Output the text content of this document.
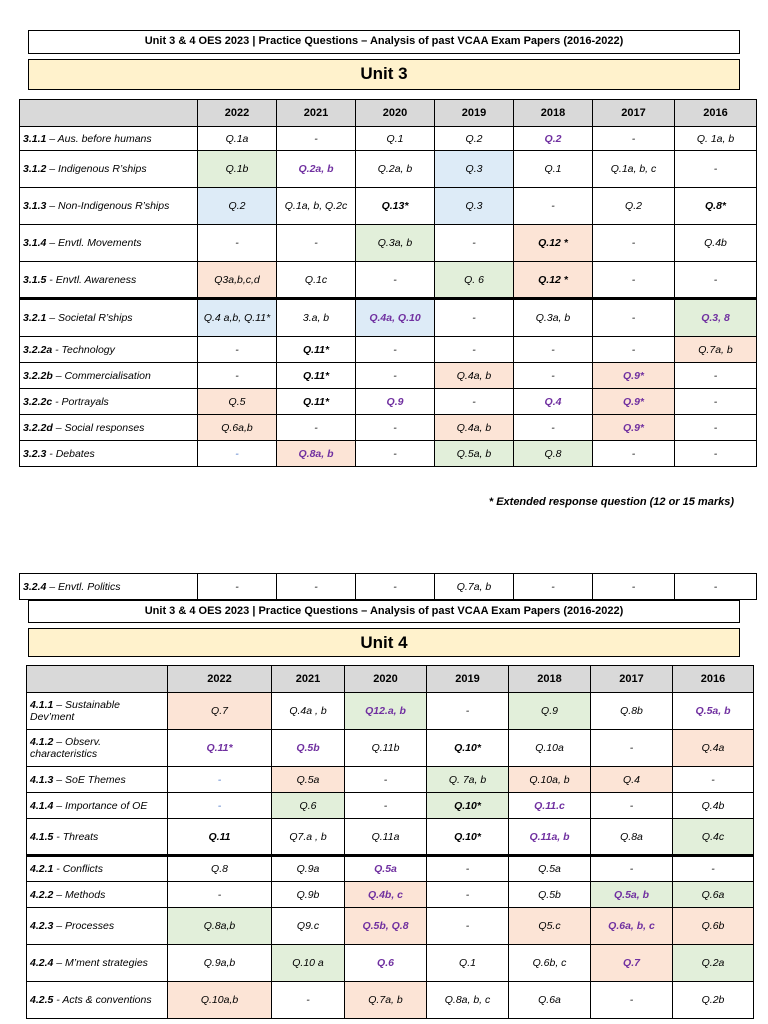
Unit 3 & 4 OES 2023 | Practice Questions – Analysis of past VCAA Exam Papers (2016-2022)
Unit 3
	2022	2021	2020	2019	2018	2017	2016
3.1.1 – Aus. before humans	Q.1a	-	Q.1	Q.2	Q.2	-	Q. 1a, b
3.1.2 – Indigenous R’ships	Q.1b	Q.2a, b	Q.2a, b	Q.3	Q.1	Q.1a, b, c	-
3.1.3 – Non-Indigenous R’ships	Q.2	Q.1a, b, Q.2c	Q.13*	Q.3	-	Q.2	Q.8*
3.1.4 – Envtl. Movements	-	-	Q.3a, b	-	Q.12 *	-	Q.4b
3.1.5 - Envtl. Awareness	Q3a,b,c,d	Q.1c	-	Q. 6	Q.12 *	-	-
3.2.1 – Societal R’ships	Q.4 a,b, Q.11*	3.a, b	Q.4a, Q.10	-	Q.3a, b	-	Q.3, 8
3.2.2a - Technology	-	Q.11*	-	-	-	-	Q.7a, b
3.2.2b – Commercialisation	-	Q.11*	-	Q.4a, b	-	Q.9*	-
3.2.2c - Portrayals	Q.5	Q.11*	Q.9	-	Q.4	Q.9*	-
3.2.2d – Social responses	Q.6a,b	-	-	Q.4a, b	-	Q.9*	-
3.2.3 - Debates	-	Q.8a, b	-	Q.5a, b	Q.8	-	-
* Extended response question (12 or 15 marks)
3.2.4 – Envtl. Politics	-	-	-	Q.7a, b	-	-	-
Unit 3 & 4 OES 2023 | Practice Questions – Analysis of past VCAA Exam Papers (2016-2022)
Unit 4
	2022	2021	2020	2019	2018	2017	2016
4.1.1 – Sustainable Dev’ment	Q.7	Q.4a , b	Q12.a, b	-	Q.9	Q.8b	Q.5a, b
4.1.2 – Observ. characteristics	Q.11*	Q.5b	Q.11b	Q.10*	Q.10a	-	Q.4a
4.1.3 – SoE Themes	-	Q.5a	-	Q. 7a, b	Q.10a, b	Q.4	-
4.1.4 – Importance of OE	-	Q.6	-	Q.10*	Q.11.c	-	Q.4b
4.1.5 - Threats	Q.11	Q7.a , b	Q.11a	Q.10*	Q.11a, b	Q.8a	Q.4c
4.2.1 - Conflicts	Q.8	Q.9a	Q.5a	-	Q.5a	-	-
4.2.2 – Methods	-	Q.9b	Q.4b, c	-	Q.5b	Q.5a, b	Q.6a
4.2.3 – Processes	Q.8a,b	Q9.c	Q.5b, Q.8	-	Q5.c	Q.6a, b, c	Q.6b
4.2.4 – M’ment strategies	Q.9a,b	Q.10 a	Q.6	Q.1	Q.6b, c	Q.7	Q.2a
4.2.5 - Acts & conventions	Q.10a,b	-	Q.7a, b	Q.8a, b, c	Q.6a	-	Q.2b
